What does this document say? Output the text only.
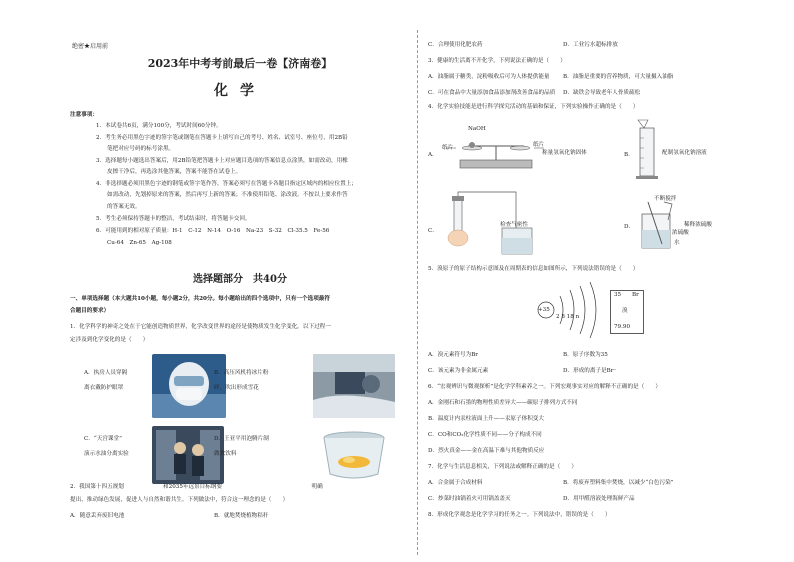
绝密★启用前
2023年中考考前最后一卷【济南卷】
化学
注意事项：
1．本试卷共6页，满分100分，考试时间60分钟。
2．考生务必用黑色字迹的签字笔或钢笔在答题卡上填写自己的考号、姓名、试室号、座位号，用2B铅
笔把对应号码的标号涂黑。
3．选择题每小题选出答案后，用2B铅笔把答题卡上对应题目选项的答案信息点涂黑，如需改动，用橡
皮擦干净后，再选涂其他答案，答案不能答在试卷上。
4．非选择题必须用黑色字迹的钢笔或签字笔作答，答案必须写在答题卡各题目指定区域内的相应位置上；
如需改动，先划掉原来的答案，然后再写上新的答案；不准使用铅笔、涂改液。不按以上要求作答
的答案无效。
5．考生必须保持答题卡的整洁，考试结束时，将答题卡交回。
6．可能用到的相对原子质量：H-1　C-12　N-14　O-16　Na-23　S-32　Cl-35.5　Fe-56
Cu-64　Zn-65　Ag-108
选择题部分　共40分
一、单项选择题（本大题共10小题，每小题2分，共20分。每小题给出的四个选项中，只有一个选项最符
合题目的要求）
1．化学科学的神奇之处在于它能创造物质世界，化学改变世界的途径是使物质发生化学变化。以下过程一
定涉及到化学变化的是（　　）
A．执房人员穿隔
离衣戴防护眼罩
B．高压风机将冰片粉
碎，吹出形成雪花
C．“天宫课堂”
演示水油分离实验
D．王亚平用泡腾片制
做欢饮料
2．我国第十四五规划　　　　　　　和2035年远景目标纲要　　　　　　　　　　　　　　　　明确
提出，推动绿色发展，促进人与自然和谐共生。下列做法中，符合这一理念的是（　　）
A．随意丢弃废旧电池	B．就地焚烧植物秸秆
C．合理使用化肥农药	D．工业污水超标排放
3．健康的生活离不开化学，下列说法正确的是（　　）
A．油脂属于糖类，淀粉吸收后可为人体提供能量 B．油脂是重要的营养物质，可大量摄入油脂
C．可在食品中大量添加食品添加剂改善食品的品质 D．缺铁会导致老年人骨质疏松
4．化学实验技能是进行科学探究活动的基础和保证，下列实验操作正确的是（　　）
A．
NaOH
纸片	纸片
称量氢氧化钠固体	B．	配制氢氧化钠溶液
C．
检查气密性	D．
不断搅拌
浓硫酸
水
稀释浓硫酸
5．溴原子的原子结构示意图及在周期表的信息如图所示，下列说法错误的是（　　）
+35
2 8 18 n
35 Br
溴
79.90
A．溴元素符号为Br	B．原子序数为35
C．该元素为非金属元素	D．形成的离子是Br⁻
6．“宏观辨识与微观探析”是化学学科素养之一。下列宏观事实对应的解释不正确的是（　　）
A．金刚石和石墨的物理性质差异大——碳原子排列方式不同
B．温度计内汞柱液面上升——汞原子体积变大
C．CO和CO₂化学性质不同——分子构成不同
D．烈火真金——金在高温下难与其他物质反应
7．化学与生活息息相关，下列说法或解释正确的是（　　）
A．合金属于合成材料	B．将废弃塑料集中焚烧，以减少“白色污染”
C．炒菜时油锅着火可用锅盖盖灭	D．用甲醛溶液处理海鲜产品
8．形成化学观念是化学学习的任务之一。下列说法中，错误的是（　　）
